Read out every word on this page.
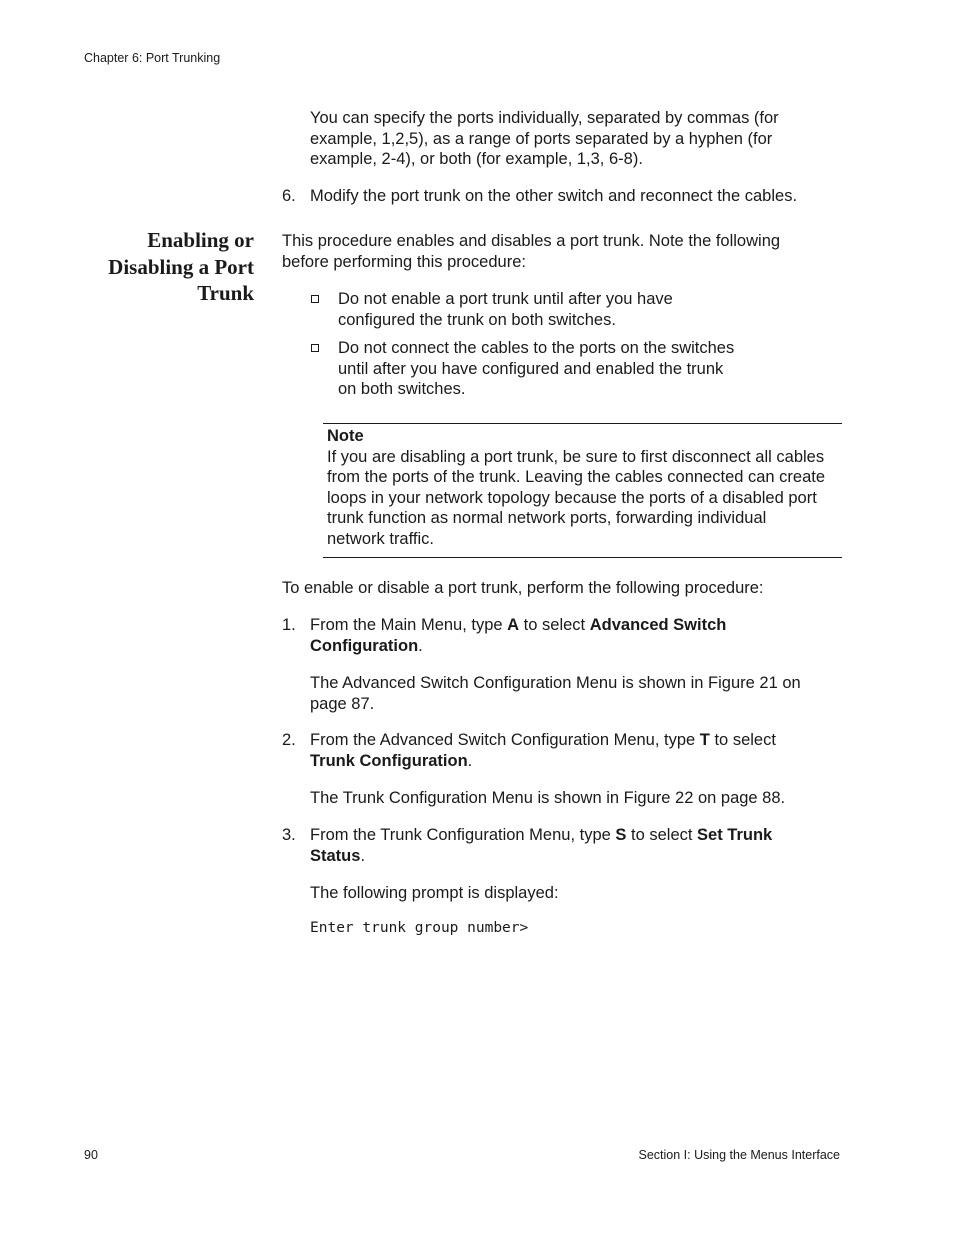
Chapter 6: Port Trunking
You can specify the ports individually, separated by commas (for
example, 1,2,5), as a range of ports separated by a hyphen (for
example, 2-4), or both (for example, 1,3, 6-8).
6. Modify the port trunk on the other switch and reconnect the cables.
Enabling or
Disabling a Port
Trunk
This procedure enables and disables a port trunk. Note the following
before performing this procedure:
Do not enable a port trunk until after you have
configured the trunk on both switches.
Do not connect the cables to the ports on the switches
until after you have configured and enabled the trunk
on both switches.
Note
If you are disabling a port trunk, be sure to first disconnect all cables
from the ports of the trunk. Leaving the cables connected can create
loops in your network topology because the ports of a disabled port
trunk function as normal network ports, forwarding individual
network traffic.
To enable or disable a port trunk, perform the following procedure:
1. From the Main Menu, type A to select Advanced Switch
Configuration.
The Advanced Switch Configuration Menu is shown in Figure 21 on
page 87.
2. From the Advanced Switch Configuration Menu, type T to select
Trunk Configuration.
The Trunk Configuration Menu is shown in Figure 22 on page 88.
3. From the Trunk Configuration Menu, type S to select Set Trunk
Status.
The following prompt is displayed:
Enter trunk group number>
90	Section I: Using the Menus Interface
